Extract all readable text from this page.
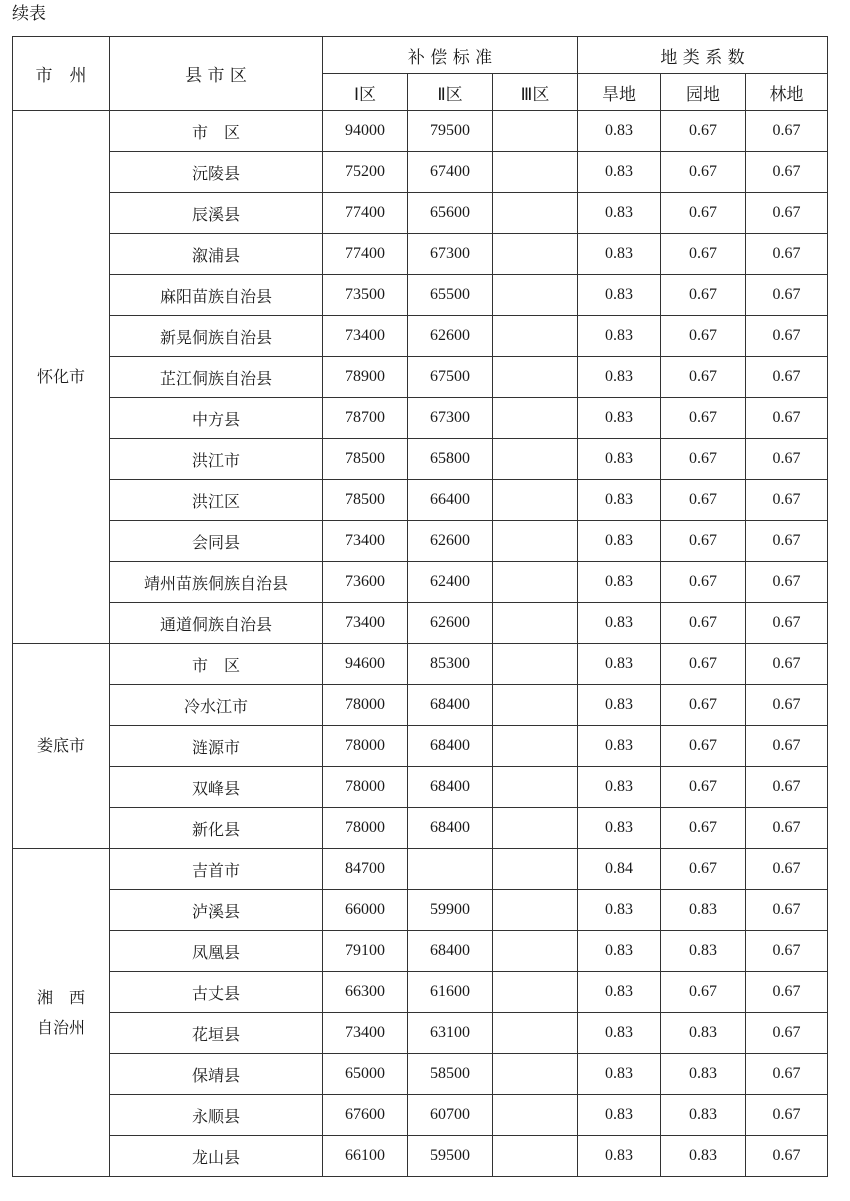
续表
市　州	县 市 区	补 偿 标 准			地 类 系 数		
		Ⅰ区	Ⅱ区	Ⅲ区	旱地	园地	林地

怀化市	市　区	94000	79500		0.83	0.67	0.67
	沅陵县	75200	67400		0.83	0.67	0.67
	辰溪县	77400	65600		0.83	0.67	0.67
	溆浦县	77400	67300		0.83	0.67	0.67
	麻阳苗族自治县	73500	65500		0.83	0.67	0.67
	新晃侗族自治县	73400	62600		0.83	0.67	0.67
	芷江侗族自治县	78900	67500		0.83	0.67	0.67
	中方县	78700	67300		0.83	0.67	0.67
	洪江市	78500	65800		0.83	0.67	0.67
	洪江区	78500	66400		0.83	0.67	0.67
	会同县	73400	62600		0.83	0.67	0.67
	靖州苗族侗族自治县	73600	62400		0.83	0.67	0.67
	通道侗族自治县	73400	62600		0.83	0.67	0.67

娄底市	市　区	94600	85300		0.83	0.67	0.67
	冷水江市	78000	68400		0.83	0.67	0.67
	涟源市	78000	68400		0.83	0.67	0.67
	双峰县	78000	68400		0.83	0.67	0.67
	新化县	78000	68400		0.83	0.67	0.67

湘　西
自治州	吉首市	84700			0.84	0.67	0.67
	泸溪县	66000	59900		0.83	0.83	0.67
	凤凰县	79100	68400		0.83	0.83	0.67
	古丈县	66300	61600		0.83	0.67	0.67
	花垣县	73400	63100		0.83	0.83	0.67
	保靖县	65000	58500		0.83	0.83	0.67
	永顺县	67600	60700		0.83	0.83	0.67
	龙山县	66100	59500		0.83	0.83	0.67
